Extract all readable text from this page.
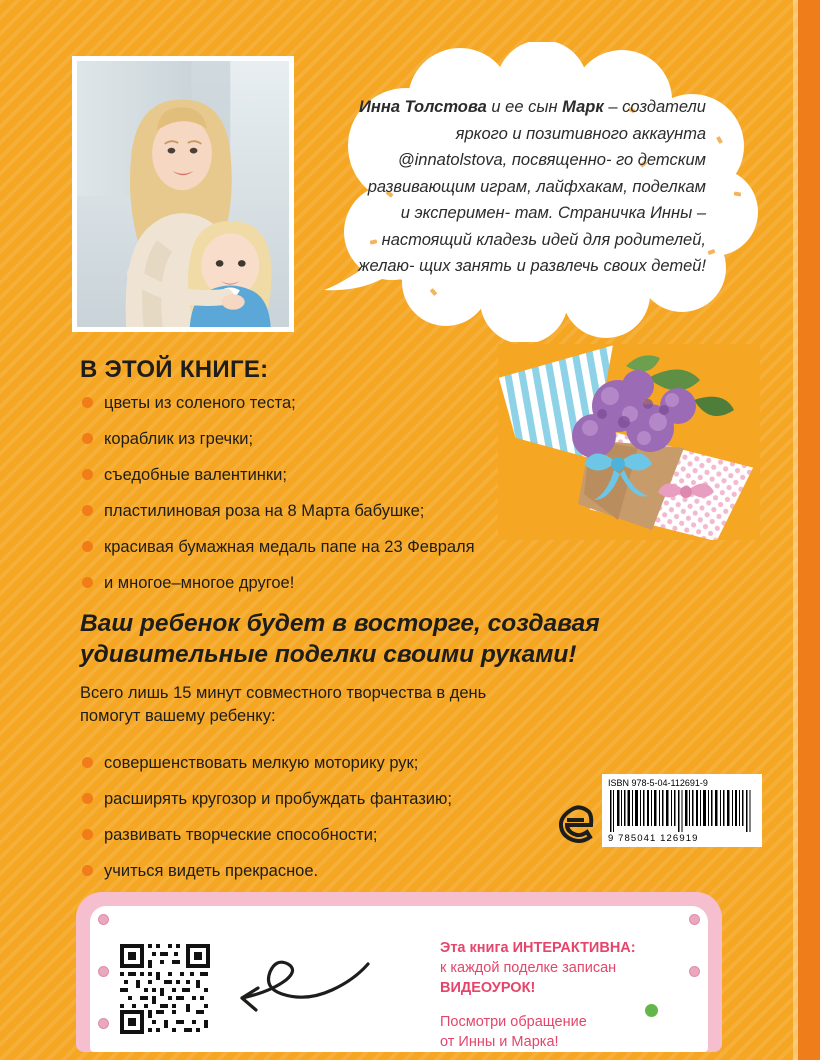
Инна Толстова и ее сын Марк – создатели яркого и позитивного аккаунта @innatolstova, посвященно- го детским развивающим играм, лайфхакам, поделкам и эксперимен- там. Страничка Инны – настоящий кладезь идей для родителей, желаю- щих занять и развлечь своих детей!
В ЭТОЙ КНИГЕ:
цветы из соленого теста;
кораблик из гречки;
съедобные валентинки;
пластилиновая роза на 8 Марта бабушке;
красивая бумажная медаль папе на 23 Февраля
и многое–многое другое!
Ваш ребенок будет в восторге, создавая
удивительные поделки своими руками!
Всего лишь 15 минут совместного творчества в день
помогут вашему ребенку:
совершенствовать мелкую моторику рук;
расширять кругозор и пробуждать фантазию;
развивать творческие способности;
учиться видеть прекрасное.
ISBN 978-5-04-112691-9
9 785041 126919
Эта книга ИНТЕРАКТИВНА:
к каждой поделке записан
ВИДЕОУРОК!
Посмотри обращение
от Инны и Марка!
